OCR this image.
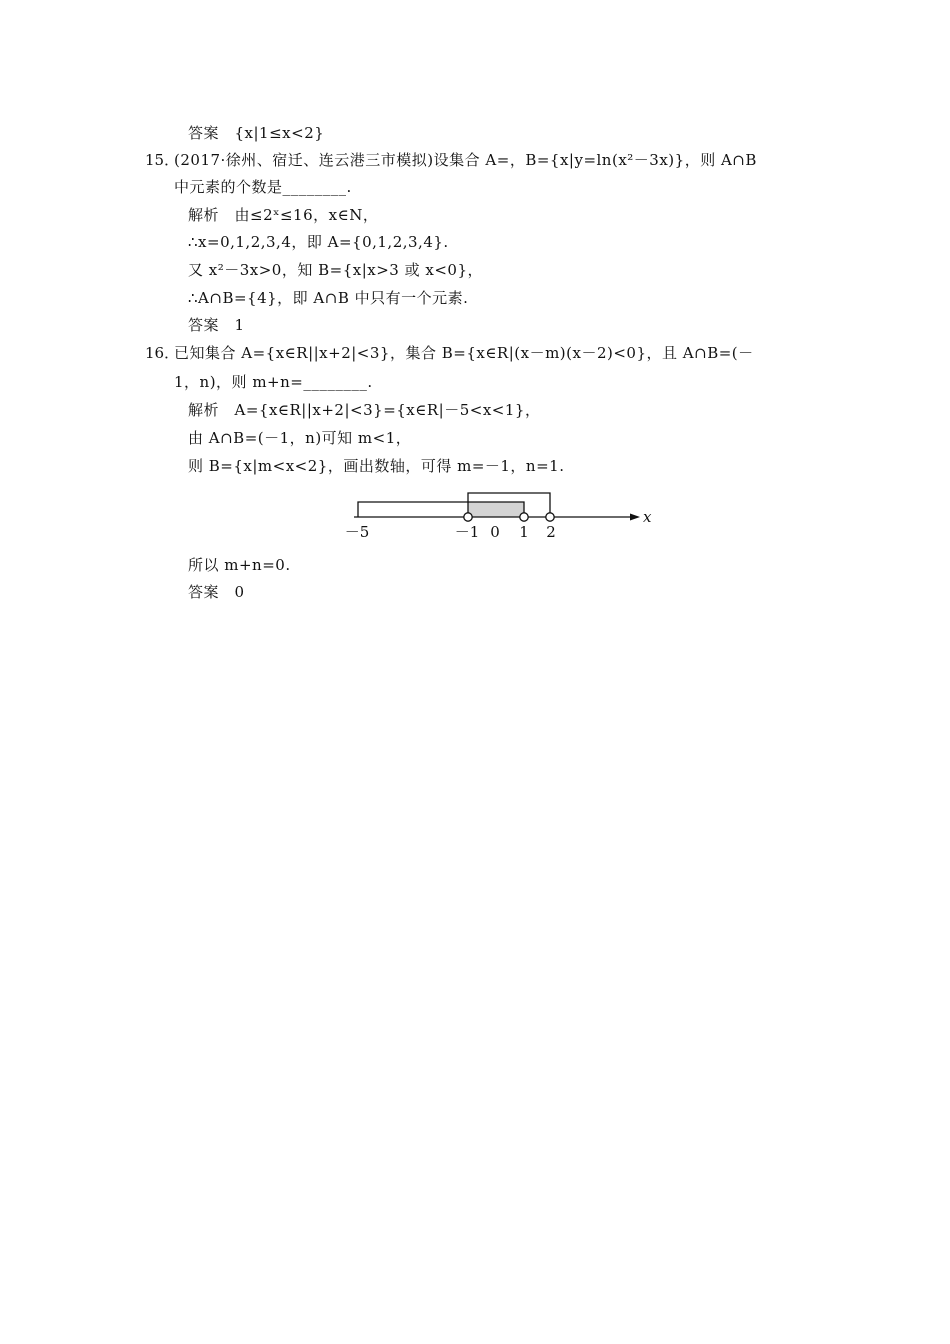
答案　{x|1≤x<2}
15．
(2017·徐州、宿迁、连云港三市模拟)设集合 A=，B={x|y=ln(x²－3x)}，则 A∩B
中元素的个数是________.
解析　由≤2ˣ≤16，x∈N，
∴x=0,1,2,3,4，即 A={0,1,2,3,4}.
又 x²－3x>0，知 B={x|x>3 或 x<0}，
∴A∩B={4}，即 A∩B 中只有一个元素.
答案　1
16．
已知集合 A={x∈R||x+2|<3}，集合 B={x∈R|(x－m)(x－2)<0}，且 A∩B=(－
1，n)，则 m+n=________.
解析　A={x∈R||x+2|<3}={x∈R|－5<x<1}，
由 A∩B=(－1，n)可知 m<1，
则 B={x|m<x<2}，画出数轴，可得 m=－1，n=1.
－5	－1 0 1 2
x
所以 m+n=0.
答案　0
